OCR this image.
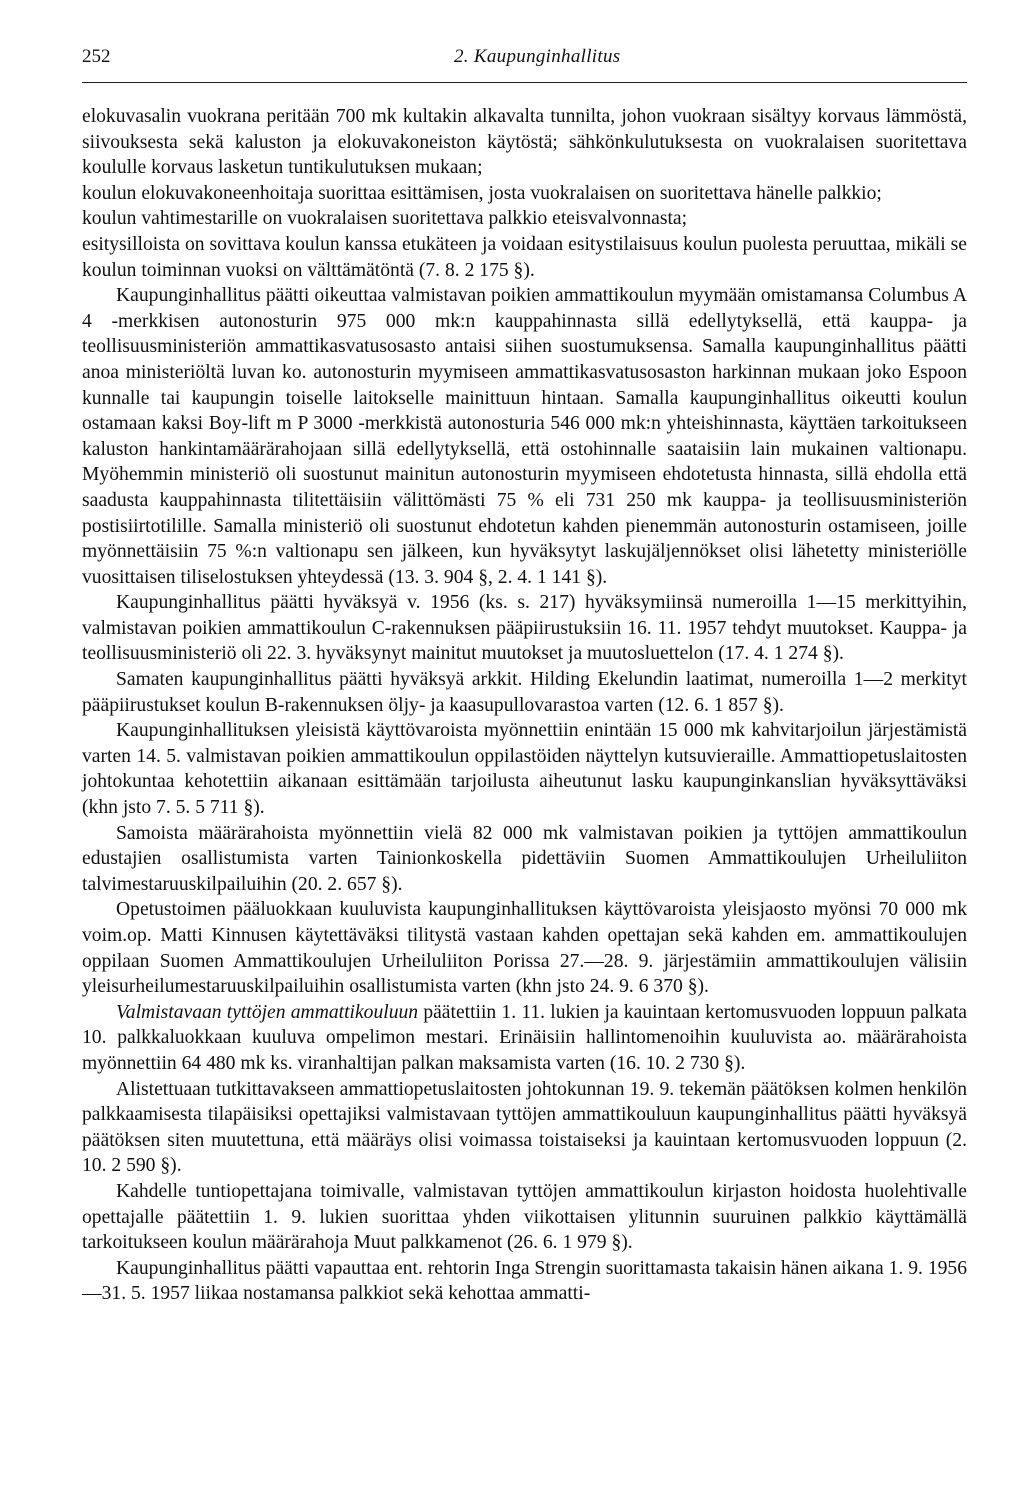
252	2. Kaupunginhallitus

elokuvasalin vuokrana peritään 700 mk kultakin alkavalta tunnilta, johon vuokraan sisältyy korvaus lämmöstä, siivouksesta sekä kaluston ja elokuvakoneiston käytöstä; sähkönkulutuksesta on vuokralaisen suoritettava koululle korvaus lasketun tuntikulutuksen mukaan;

koulun elokuvakoneenhoitaja suorittaa esittämisen, josta vuokralaisen on suoritettava hänelle palkkio;

koulun vahtimestarille on vuokralaisen suoritettava palkkio eteisvalvonnasta;

esitysilloista on sovittava koulun kanssa etukäteen ja voidaan esitystilaisuus koulun puolesta peruuttaa, mikäli se koulun toiminnan vuoksi on välttämätöntä (7. 8. 2 175 §).

Kaupunginhallitus päätti oikeuttaa valmistavan poikien ammattikoulun myymään omistamansa Columbus A 4 -merkkisen autonosturin 975 000 mk:n kauppahinnasta sillä edellytyksellä, että kauppa- ja teollisuusministeriön ammattikasvatusosasto antaisi siihen suostumuksensa. Samalla kaupunginhallitus päätti anoa ministeriöltä luvan ko. autonosturin myymiseen ammattikasvatusosaston harkinnan mukaan joko Espoon kunnalle tai kaupungin toiselle laitokselle mainittuun hintaan. Samalla kaupunginhallitus oikeutti koulun ostamaan kaksi Boy-lift m P 3000 -merkkistä autonosturia 546 000 mk:n yhteishinnasta, käyttäen tarkoitukseen kaluston hankintamäärärahojaan sillä edellytyksellä, että ostohinnalle saataisiin lain mukainen valtionapu. Myöhemmin ministeriö oli suostunut mainitun autonosturin myymiseen ehdotetusta hinnasta, sillä ehdolla että saadusta kauppahinnasta tilitettäisiin välittömästi 75 % eli 731 250 mk kauppa- ja teollisuusministeriön postisiirtotilille. Samalla ministeriö oli suostunut ehdotetun kahden pienemmän autonosturin ostamiseen, joille myönnettäisiin 75 %:n valtionapu sen jälkeen, kun hyväksytyt laskujäljennökset olisi lähetetty ministeriölle vuosittaisen tiliselostuksen yhteydessä (13. 3. 904 §, 2. 4. 1 141 §).

Kaupunginhallitus päätti hyväksyä v. 1956 (ks. s. 217) hyväksymiinsä numeroilla 1—15 merkittyihin, valmistavan poikien ammattikoulun C-rakennuksen pääpiirustuksiin 16. 11. 1957 tehdyt muutokset. Kauppa- ja teollisuusministeriö oli 22. 3. hyväksynyt mainitut muutokset ja muutosluettelon (17. 4. 1 274 §).

Samaten kaupunginhallitus päätti hyväksyä arkkit. Hilding Ekelundin laatimat, numeroilla 1—2 merkityt pääpiirustukset koulun B-rakennuksen öljy- ja kaasupullovarastoa varten (12. 6. 1 857 §).

Kaupunginhallituksen yleisistä käyttövaroista myönnettiin enintään 15 000 mk kahvitarjoilun järjestämistä varten 14. 5. valmistavan poikien ammattikoulun oppilastöiden näyttelyn kutsuvieraille. Ammattiopetuslaitosten johtokuntaa kehotettiin aikanaan esittämään tarjoilusta aiheutunut lasku kaupunginkanslian hyväksyttäväksi (khn jsto 7. 5. 5 711 §).

Samoista määrärahoista myönnettiin vielä 82 000 mk valmistavan poikien ja tyttöjen ammattikoulun edustajien osallistumista varten Tainionkoskella pidettäviin Suomen Ammattikoulujen Urheiluliiton talvimestaruuskilpailuihin (20. 2. 657 §).

Opetustoimen pääluokkaan kuuluvista kaupunginhallituksen käyttövaroista yleisjaosto myönsi 70 000 mk voim.op. Matti Kinnusen käytettäväksi tilitystä vastaan kahden opettajan sekä kahden em. ammattikoulujen oppilaan Suomen Ammattikoulujen Urheiluliiton Porissa 27.—28. 9. järjestämiin ammattikoulujen välisiin yleisurheilumestaruuskilpailuihin osallistumista varten (khn jsto 24. 9. 6 370 §).

Valmistavaan tyttöjen ammattikouluun päätettiin 1. 11. lukien ja kauintaan kertomusvuoden loppuun palkata 10. palkkaluokkaan kuuluva ompelimon mestari. Erinäisiin hallintomenoihin kuuluvista ao. määrärahoista myönnettiin 64 480 mk ks. viranhaltijan palkan maksamista varten (16. 10. 2 730 §).

Alistettuaan tutkittavakseen ammattiopetuslaitosten johtokunnan 19. 9. tekemän päätöksen kolmen henkilön palkkaamisesta tilapäisiksi opettajiksi valmistavaan tyttöjen ammattikouluun kaupunginhallitus päätti hyväksyä päätöksen siten muutettuna, että määräys olisi voimassa toistaiseksi ja kauintaan kertomusvuoden loppuun (2. 10. 2 590 §).

Kahdelle tuntiopettajana toimivalle, valmistavan tyttöjen ammattikoulun kirjaston hoidosta huolehtivalle opettajalle päätettiin 1. 9. lukien suorittaa yhden viikottaisen ylitunnin suuruinen palkkio käyttämällä tarkoitukseen koulun määrärahoja Muut palkkamenot (26. 6. 1 979 §).

Kaupunginhallitus päätti vapauttaa ent. rehtorin Inga Strengin suorittamasta takaisin hänen aikana 1. 9. 1956—31. 5. 1957 liikaa nostamansa palkkiot sekä kehottaa ammatti-
